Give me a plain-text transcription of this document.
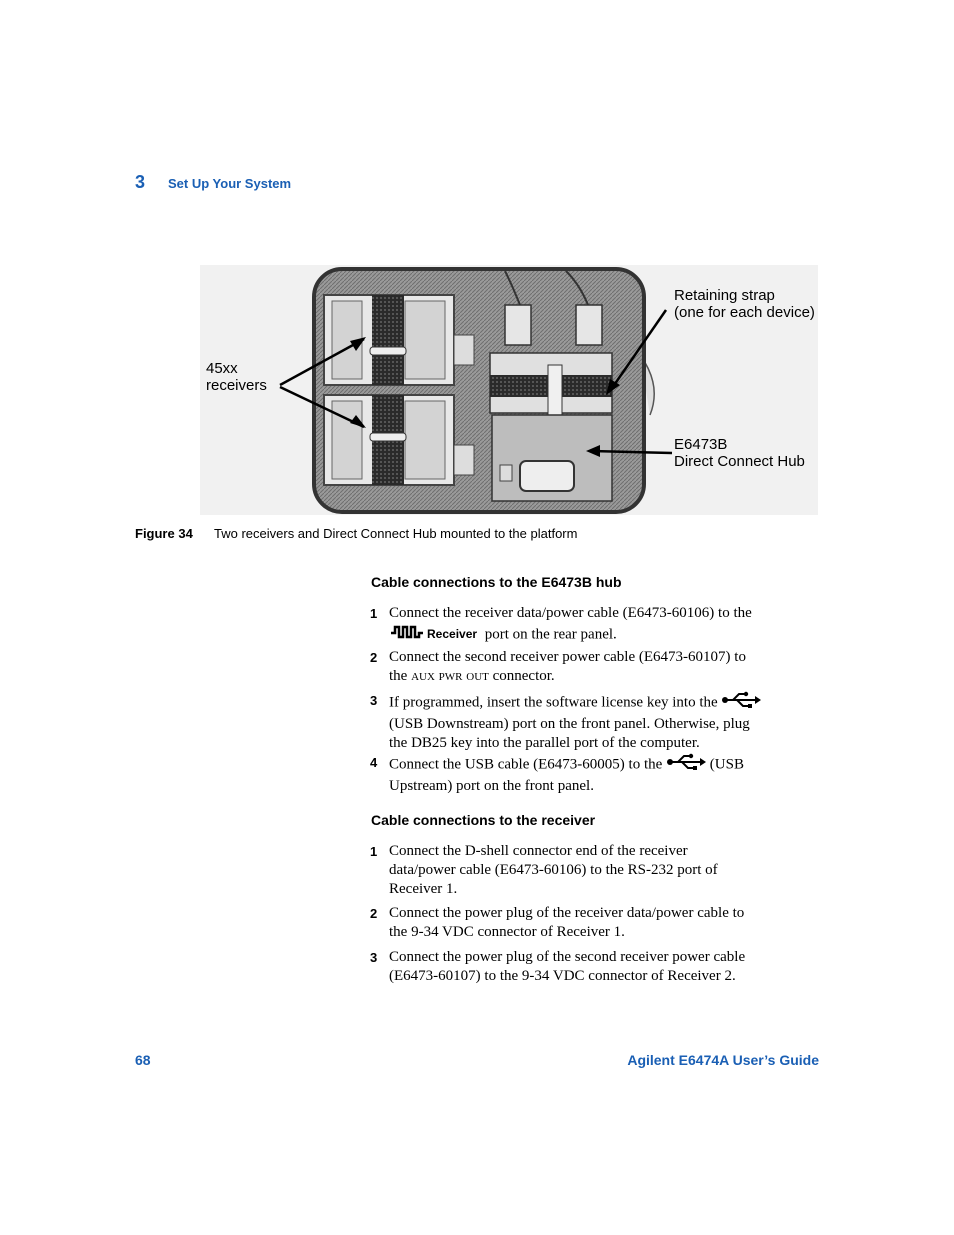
3 Set Up Your System
45xx
receivers
Retaining strap
(one for each device)
E6473B
Direct Connect Hub
Figure 34 Two receivers and Direct Connect Hub mounted to the platform
Cable connections to the E6473B hub
1 Connect the receiver data/power cable (E6473-60106) to the
Receiver port on the rear panel.
2 Connect the second receiver power cable (E6473-60107) to
the aux pwr out connector.
3 If programmed, insert the software license key into the
(USB Downstream) port on the front panel. Otherwise, plug
the DB25 key into the parallel port of the computer.
4 Connect the USB cable (E6473-60005) to the	(USB
Upstream) port on the front panel.
Cable connections to the receiver
1 Connect the D-shell connector end of the receiver
data/power cable (E6473-60106) to the RS-232 port of
Receiver 1.
2 Connect the power plug of the receiver data/power cable to
the 9-34 VDC connector of Receiver 1.
3 Connect the power plug of the second receiver power cable
(E6473-60107) to the 9-34 VDC connector of Receiver 2.
68	Agilent E6474A User’s Guide
